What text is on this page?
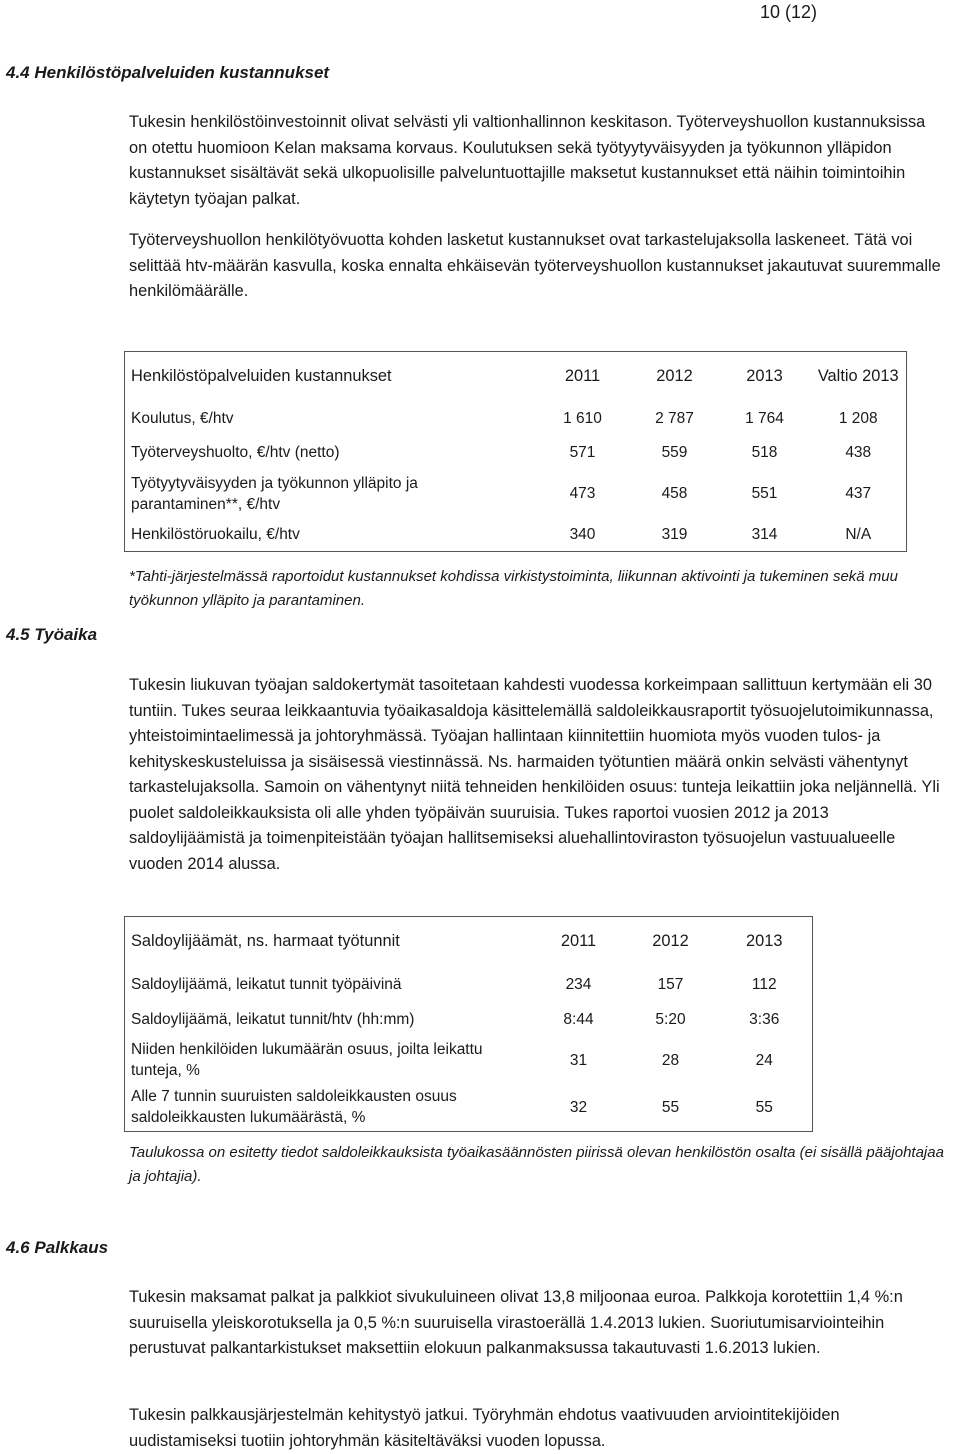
10 (12)
4.4 Henkilöstöpalveluiden kustannukset

Tukesin henkilöstöinvestoinnit olivat selvästi yli valtionhallinnon keskitason. Työterveyshuollon kustannuksissa on otettu huomioon Kelan maksama korvaus. Koulutuksen sekä työtyytyväisyyden ja työkunnon ylläpidon kustannukset sisältävät sekä ulkopuolisille palveluntuottajille maksetut kustannukset että näihin toimintoihin käytetyn työajan palkat.

Työterveyshuollon henkilötyövuotta kohden lasketut kustannukset ovat tarkastelujaksolla laskeneet. Tätä voi selittää htv-määrän kasvulla, koska ennalta ehkäisevän työterveyshuollon kustannukset jakautuvat suuremmalle henkilömäärälle.

Henkilöstöpalveluiden kustannukset	2011	2012	2013	Valtio 2013
Koulutus, €/htv	1 610	2 787	1 764	1 208
Työterveyshuolto, €/htv (netto)	571	559	518	438
Työtyytyväisyyden ja työkunnon ylläpito ja parantaminen**, €/htv	473	458	551	437
Henkilöstöruokailu, €/htv	340	319	314	N/A
*Tahti-järjestelmässä raportoidut kustannukset kohdissa virkistystoiminta, liikunnan aktivointi ja tukeminen sekä muu työkunnon ylläpito ja parantaminen.
4.5 Työaika

Tukesin liukuvan työajan saldokertymät tasoitetaan kahdesti vuodessa korkeimpaan sallittuun kertymään eli 30 tuntiin. Tukes seuraa leikkaantuvia työaikasaldoja käsittelemällä saldoleikkausraportit työsuojelutoimikunnassa, yhteistoimintaelimessä ja johtoryhmässä. Työajan hallintaan kiinnitettiin huomiota myös vuoden tulos- ja kehityskeskusteluissa ja sisäisessä viestinnässä. Ns. harmaiden työtuntien määrä onkin selvästi vähentynyt tarkastelujaksolla. Samoin on vähentynyt niitä tehneiden henkilöiden osuus: tunteja leikattiin joka neljännellä. Yli puolet saldoleikkauksista oli alle yhden työpäivän suuruisia. Tukes raportoi vuosien 2012 ja 2013 saldoylijäämistä ja toimenpiteistään työajan hallitsemiseksi aluehallintoviraston työsuojelun vastuualueelle vuoden 2014 alussa.

Saldoylijäämät, ns. harmaat työtunnit	2011	2012	2013
Saldoylijäämä, leikatut tunnit työpäivinä	234	157	112
Saldoylijäämä, leikatut tunnit/htv (hh:mm)	8:44	5:20	3:36
Niiden henkilöiden lukumäärän osuus, joilta leikattu tunteja, %	31	28	24
Alle 7 tunnin suuruisten saldoleikkausten osuus saldoleikkausten lukumäärästä, %	32	55	55
Taulukossa on esitetty tiedot saldoleikkauksista työaikasäännösten piirissä olevan henkilöstön osalta (ei sisällä pääjohtajaa ja johtajia).
4.6 Palkkaus

Tukesin maksamat palkat ja palkkiot sivukuluineen olivat 13,8 miljoonaa euroa. Palkkoja korotettiin 1,4 %:n suuruisella yleiskorotuksella ja 0,5 %:n suuruisella virastoerällä 1.4.2013 lukien. Suoriutumisarviointeihin perustuvat palkantarkistukset maksettiin elokuun palkanmaksussa takautuvasti 1.6.2013 lukien.

Tukesin palkkausjärjestelmän kehitystyö jatkui. Työryhmän ehdotus vaativuuden arviointitekijöiden uudistamiseksi tuotiin johtoryhmän käsiteltäväksi vuoden lopussa.
